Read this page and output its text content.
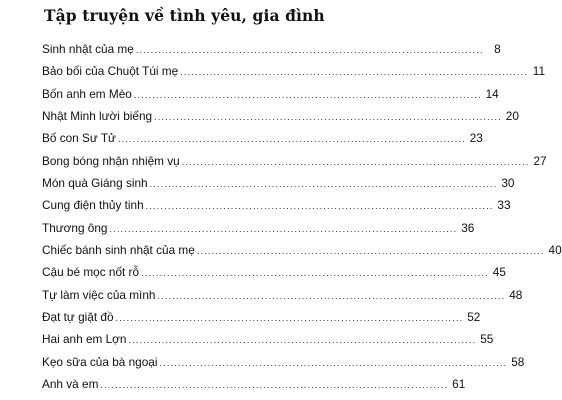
Tập truyện về tình yêu, gia đình
Sinh nhật của mẹ .............................................................................................. 8
Bảo bối của Chuột Túi mẹ .............................................................................................. 11
Bốn anh em Mèo .............................................................................................. 14
Nhật Minh lười biếng .............................................................................................. 20
Bố con Sư Tử .............................................................................................. 23
Bong bóng nhận nhiệm vụ .............................................................................................. 27
Món quà Giáng sinh .............................................................................................. 30
Cung điện thủy tinh .............................................................................................. 33
Thương ông .............................................................................................. 36
Chiếc bánh sinh nhật của mẹ .............................................................................................. 40
Cậu bé mọc nốt rỗ .............................................................................................. 45
Tự làm việc của mình .............................................................................................. 48
Đạt tự giặt đồ .............................................................................................. 52
Hai anh em Lợn .............................................................................................. 55
Kẹo sữa của bà ngoại .............................................................................................. 58
Anh và em .............................................................................................. 61
